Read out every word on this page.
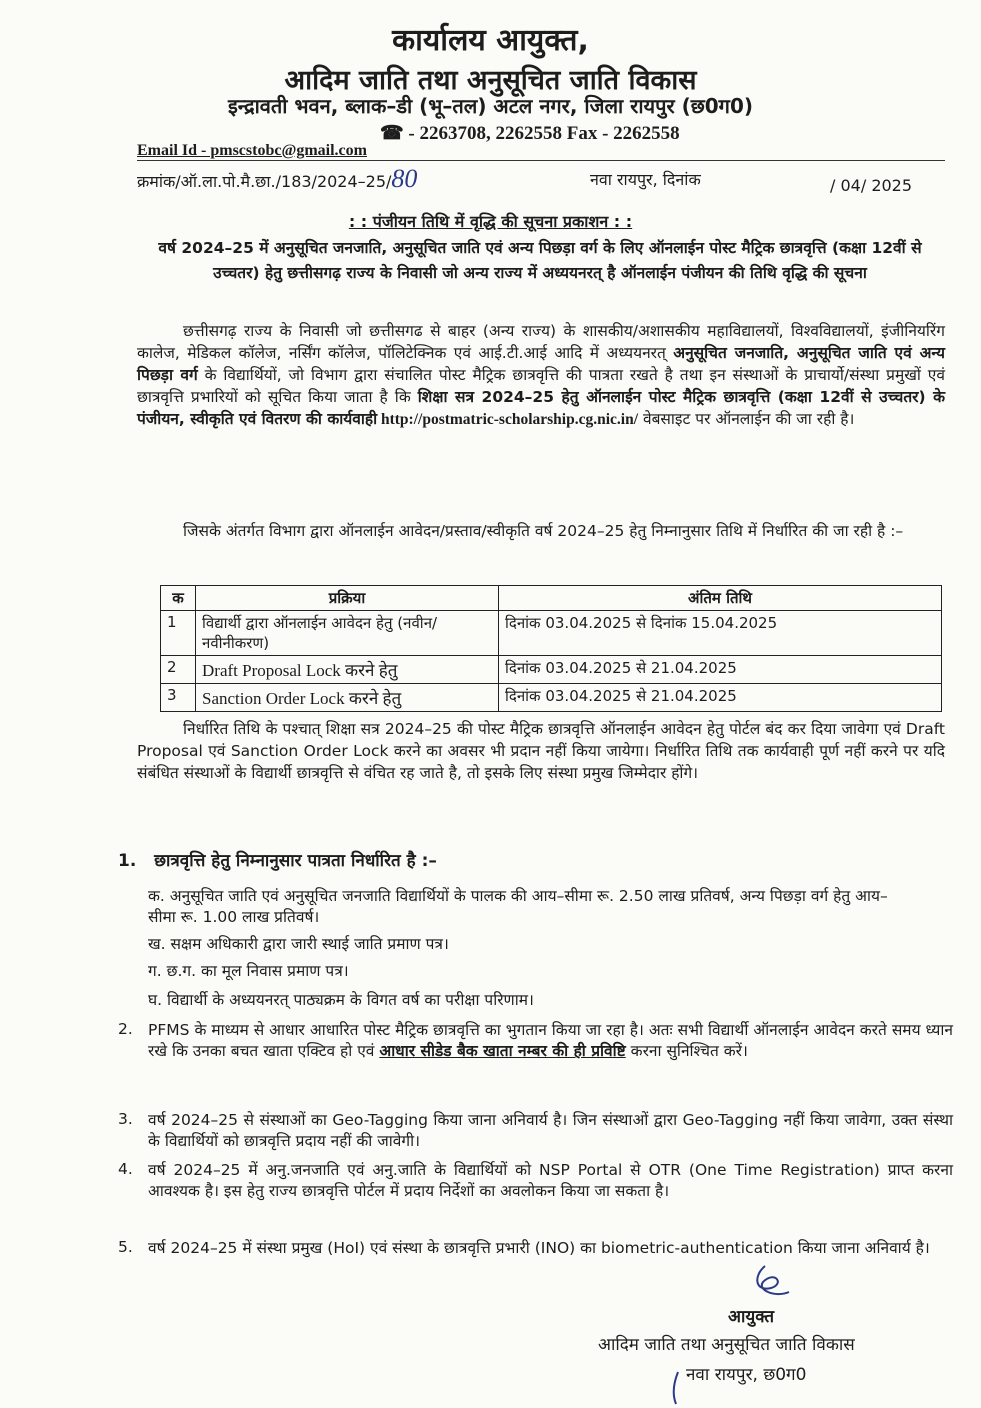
कार्यालय आयुक्त,
आदिम जाति तथा अनुसूचित जाति विकास
इन्द्रावती भवन, ब्लाक–डी (भू–तल) अटल नगर, जिला रायपुर (छ0ग0)
☎ - 2263708, 2262558 Fax - 2262558
Email Id - pmscstobc@gmail.com
क्रमांक/ऑ.ला.पो.मै.छा./183/2024–25/80	नवा रायपुर, दिनांक	/ 04/ 2025
: : पंजीयन तिथि में वृद्धि की सूचना प्रकाशन : :
वर्ष 2024–25 में अनुसूचित जनजाति, अनुसूचित जाति एवं अन्य पिछड़ा वर्ग के लिए ऑनलाईन पोस्ट मैट्रिक छात्रवृत्ति (कक्षा 12वीं से उच्चतर) हेतु छत्तीसगढ़ राज्य के निवासी जो अन्य राज्य में अध्ययनरत् है ऑनलाईन पंजीयन की तिथि वृद्धि की सूचना
छत्तीसगढ़ राज्य के निवासी जो छत्तीसगढ से बाहर (अन्य राज्य) के शासकीय/अशासकीय महाविद्यालयों, विश्वविद्यालयों, इंजीनियरिंग कालेज, मेडिकल कॉलेज, नर्सिंग कॉलेज, पॉलिटेक्निक एवं आई.टी.आई आदि में अध्ययनरत् अनुसूचित जनजाति, अनुसूचित जाति एवं अन्य पिछड़ा वर्ग के विद्यार्थियों, जो विभाग द्वारा संचालित पोस्ट मैट्रिक छात्रवृत्ति की पात्रता रखते है तथा इन संस्थाओं के प्राचार्यो/संस्था प्रमुखों एवं छात्रवृत्ति प्रभारियों को सूचित किया जाता है कि शिक्षा सत्र 2024–25 हेतु ऑनलाईन पोस्ट मैट्रिक छात्रवृत्ति (कक्षा 12वीं से उच्चतर) के पंजीयन, स्वीकृति एवं वितरण की कार्यवाही http://postmatric-scholarship.cg.nic.in/ वेबसाइट पर ऑनलाईन की जा रही है।
जिसके अंतर्गत विभाग द्वारा ऑनलाईन आवेदन/प्रस्ताव/स्वीकृति वर्ष 2024–25 हेतु निम्नानुसार तिथि में निर्धारित की जा रही है :–
क	प्रक्रिया	अंतिम तिथि
1	विद्यार्थी द्वारा ऑनलाईन आवेदन हेतु (नवीन/ नवीनीकरण)	दिनांक 03.04.2025 से दिनांक 15.04.2025
2	Draft Proposal Lock करने हेतु	दिनांक 03.04.2025 से 21.04.2025
3	Sanction Order Lock करने हेतु	दिनांक 03.04.2025 से 21.04.2025
निर्धारित तिथि के पश्चात् शिक्षा सत्र 2024–25 की पोस्ट मैट्रिक छात्रवृत्ति ऑनलाईन आवेदन हेतु पोर्टल बंद कर दिया जावेगा एवं Draft Proposal एवं Sanction Order Lock करने का अवसर भी प्रदान नहीं किया जायेगा। निर्धारित तिथि तक कार्यवाही पूर्ण नहीं करने पर यदि संबंधित संस्थाओं के विद्यार्थी छात्रवृत्ति से वंचित रह जाते है, तो इसके लिए संस्था प्रमुख जिम्मेदार होंगे।
1. छात्रवृत्ति हेतु निम्नानुसार पात्रता निर्धारित है :–
क. अनुसूचित जाति एवं अनुसूचित जनजाति विद्यार्थियों के पालक की आय–सीमा रू. 2.50 लाख प्रतिवर्ष, अन्य पिछड़ा वर्ग हेतु आय–सीमा रू. 1.00 लाख प्रतिवर्ष।
ख. सक्षम अधिकारी द्वारा जारी स्थाई जाति प्रमाण पत्र।
ग. छ.ग. का मूल निवास प्रमाण पत्र।
घ. विद्यार्थी के अध्ययनरत् पाठ्यक्रम के विगत वर्ष का परीक्षा परिणाम।
2. PFMS के माध्यम से आधार आधारित पोस्ट मैट्रिक छात्रवृत्ति का भुगतान किया जा रहा है। अतः सभी विद्यार्थी ऑनलाईन आवेदन करते समय ध्यान रखे कि उनका बचत खाता एक्टिव हो एवं आधार सीडेड बैक खाता नम्बर की ही प्रविष्टि करना सुनिश्चित करें।
3. वर्ष 2024–25 से संस्थाओं का Geo-Tagging किया जाना अनिवार्य है। जिन संस्थाओं द्वारा Geo-Tagging नहीं किया जावेगा, उक्त संस्था के विद्यार्थियों को छात्रवृत्ति प्रदाय नहीं की जावेगी।
4. वर्ष 2024–25 में अनु.जनजाति एवं अनु.जाति के विद्यार्थियों को NSP Portal से OTR (One Time Registration) प्राप्त करना आवश्यक है। इस हेतु राज्य छात्रवृत्ति पोर्टल में प्रदाय निर्देशों का अवलोकन किया जा सकता है।
5. वर्ष 2024–25 में संस्था प्रमुख (HoI) एवं संस्था के छात्रवृत्ति प्रभारी (INO) का biometric-authentication किया जाना अनिवार्य है।
आयुक्त
आदिम जाति तथा अनुसूचित जाति विकास
नवा रायपुर, छ0ग0
